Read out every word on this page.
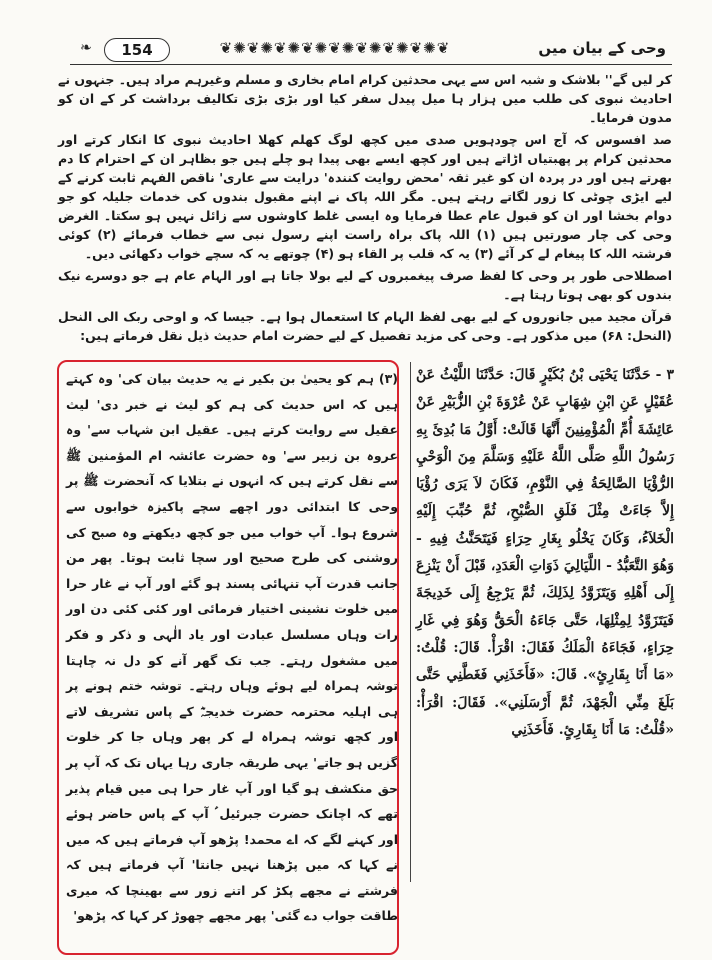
154
❧	❦✺❦✺❦✺❦✺❦✺❦✺❦✺❦✺❦	وحی کے بیان میں

کر لیں گے'' بلاشک و شبہ اس سے یہی محدثین کرام امام بخاری و مسلم وغیرہم مراد ہیں۔ جنہوں نے احادیث نبوی کی طلب میں ہزار ہا میل پیدل سفر کیا اور بڑی بڑی تکالیف برداشت کر کے ان کو مدون فرمایا۔

صد افسوس کہ آج اس چودہویں صدی میں کچھ لوگ کھلم کھلا احادیث نبوی کا انکار کرتے اور محدثین کرام پر پھبتیاں اڑاتے ہیں اور کچھ ایسے بھی پیدا ہو چلے ہیں جو بظاہر ان کے احترام کا دم بھرتے ہیں اور در پردہ ان کو غیر ثقہ 'محض روایت کنندہ' درایت سے عاری' ناقص الفہم ثابت کرنے کے لیے ایڑی چوٹی کا زور لگاتے رہتے ہیں۔ مگر اللہ پاک نے اپنے مقبول بندوں کی خدمات جلیلہ کو جو دوام بخشا اور ان کو قبول عام عطا فرمایا وہ ایسی غلط کاوشوں سے زائل نہیں ہو سکتا۔ الغرض وحی کی چار صورتیں ہیں (۱) اللہ پاک براہ راست اپنے رسول نبی سے خطاب فرمائے (۲) کوئی فرشتہ اللہ کا پیغام لے کر آئے (۳) یہ کہ قلب پر القاء ہو (۴) چوتھے یہ کہ سچے خواب دکھائی دیں۔

اصطلاحی طور پر وحی کا لفظ صرف پیغمبروں کے لیے بولا جاتا ہے اور الہام عام ہے جو دوسرے نیک بندوں کو بھی ہوتا رہتا ہے۔

قرآن مجید میں جانوروں کے لیے بھی لفظ الہام کا استعمال ہوا ہے۔ جیسا کہ و اوحی ربک الی النحل (النحل: ۶۸) میں مذکور ہے۔ وحی کی مزید تفصیل کے لیے حضرت امام حدیث ذیل نقل فرماتے ہیں:

۳ - حَدَّثَنَا يَحْيَى بْنُ بُكَيْرٍ قَالَ: حَدَّثَنَا اللَّيْثُ عَنْ عُقَيْلٍ عَنِ ابْنِ شِهَابٍ عَنْ عُرْوَةَ بْنِ الزُّبَيْرِ عَنْ عَائِشَةَ أُمِّ الْمُؤْمِنِينَ أَنَّهَا قَالَتْ: أَوَّلُ مَا بُدِئَ بِهِ رَسُولُ اللَّهِ صَلَّى اللَّهُ عَلَيْهِ وَسَلَّمَ مِنَ الْوَحْيِ الرُّؤْيَا الصَّالِحَةُ فِي النَّوْمِ، فَكَانَ لاَ يَرَى رُؤْيَا إِلاَّ جَاءَتْ مِثْلَ فَلَقِ الصُّبْحِ، ثُمَّ حُبِّبَ إِلَيْهِ الْخَلاَءُ، وَكَانَ يَخْلُو بِغَارِ حِرَاءٍ فَيَتَحَنَّثُ فِيهِ - وَهُوَ التَّعَبُّدُ - اللَّيَالِيَ ذَوَاتِ الْعَدَدِ، قَبْلَ أَنْ يَنْزِعَ إِلَى أَهْلِهِ وَيَتَزَوَّدُ لِذَلِكَ، ثُمَّ يَرْجِعُ إِلَى خَدِيجَةَ فَيَتَزَوَّدُ لِمِثْلِهَا، حَتَّى جَاءَهُ الْحَقُّ وَهُوَ فِي غَارِ حِرَاءٍ، فَجَاءَهُ الْمَلَكُ فَقَالَ: اقْرَأْ. قَالَ: قُلْتُ: «مَا أَنَا بِقَارِئٍ». قَالَ: «فَأَخَذَنِي فَغَطَّنِي حَتَّى بَلَغَ مِنِّي الْجَهْدَ، ثُمَّ أَرْسَلَنِي». فَقَالَ: اقْرَأْ: «قُلْتُ: مَا أَنَا بِقَارِئٍ. فَأَخَذَنِي
(۳) ہم کو یحییٰ بن بکیر نے یہ حدیث بیان کی' وہ کہتے ہیں کہ اس حدیث کی ہم کو لیث نے خبر دی' لیث عقیل سے روایت کرتے ہیں۔ عقیل ابن شہاب سے' وہ عروہ بن زبیر سے' وہ حضرت عائشہ ام المؤمنین ﷺ سے نقل کرتے ہیں کہ انہوں نے بتلایا کہ آنحضرت ﷺ پر وحی کا ابتدائی دور اچھے سچے پاکیزہ خوابوں سے شروع ہوا۔ آپ خواب میں جو کچھ دیکھتے وہ صبح کی روشنی کی طرح صحیح اور سچا ثابت ہوتا۔ پھر من جانب قدرت آپ تنہائی پسند ہو گئے اور آپ نے غار حرا میں خلوت نشینی اختیار فرمائی اور کئی کئی دن اور رات وہاں مسلسل عبادت اور یاد الٰہی و ذکر و فکر میں مشغول رہتے۔ جب تک گھر آنے کو دل نہ چاہتا توشہ ہمراہ لیے ہوئے وہاں رہتے۔ توشہ ختم ہونے پر ہی اہلیہ محترمہ حضرت خدیجہؓ کے پاس تشریف لاتے اور کچھ توشہ ہمراہ لے کر پھر وہاں جا کر خلوت گزیں ہو جاتے' یہی طریقہ جاری رہا یہاں تک کہ آپ پر حق منکشف ہو گیا اور آپ غار حرا ہی میں قیام پذیر تھے کہ اچانک حضرت جبرئیل ؑ آپ کے پاس حاضر ہوئے اور کہنے لگے کہ اے محمد! پڑھو آپ فرماتے ہیں کہ میں نے کہا کہ میں پڑھنا نہیں جانتا' آپ فرماتے ہیں کہ فرشتے نے مجھے پکڑ کر اتنے زور سے بھینچا کہ میری طاقت جواب دے گئی' پھر مجھے چھوڑ کر کہا کہ پڑھو'
